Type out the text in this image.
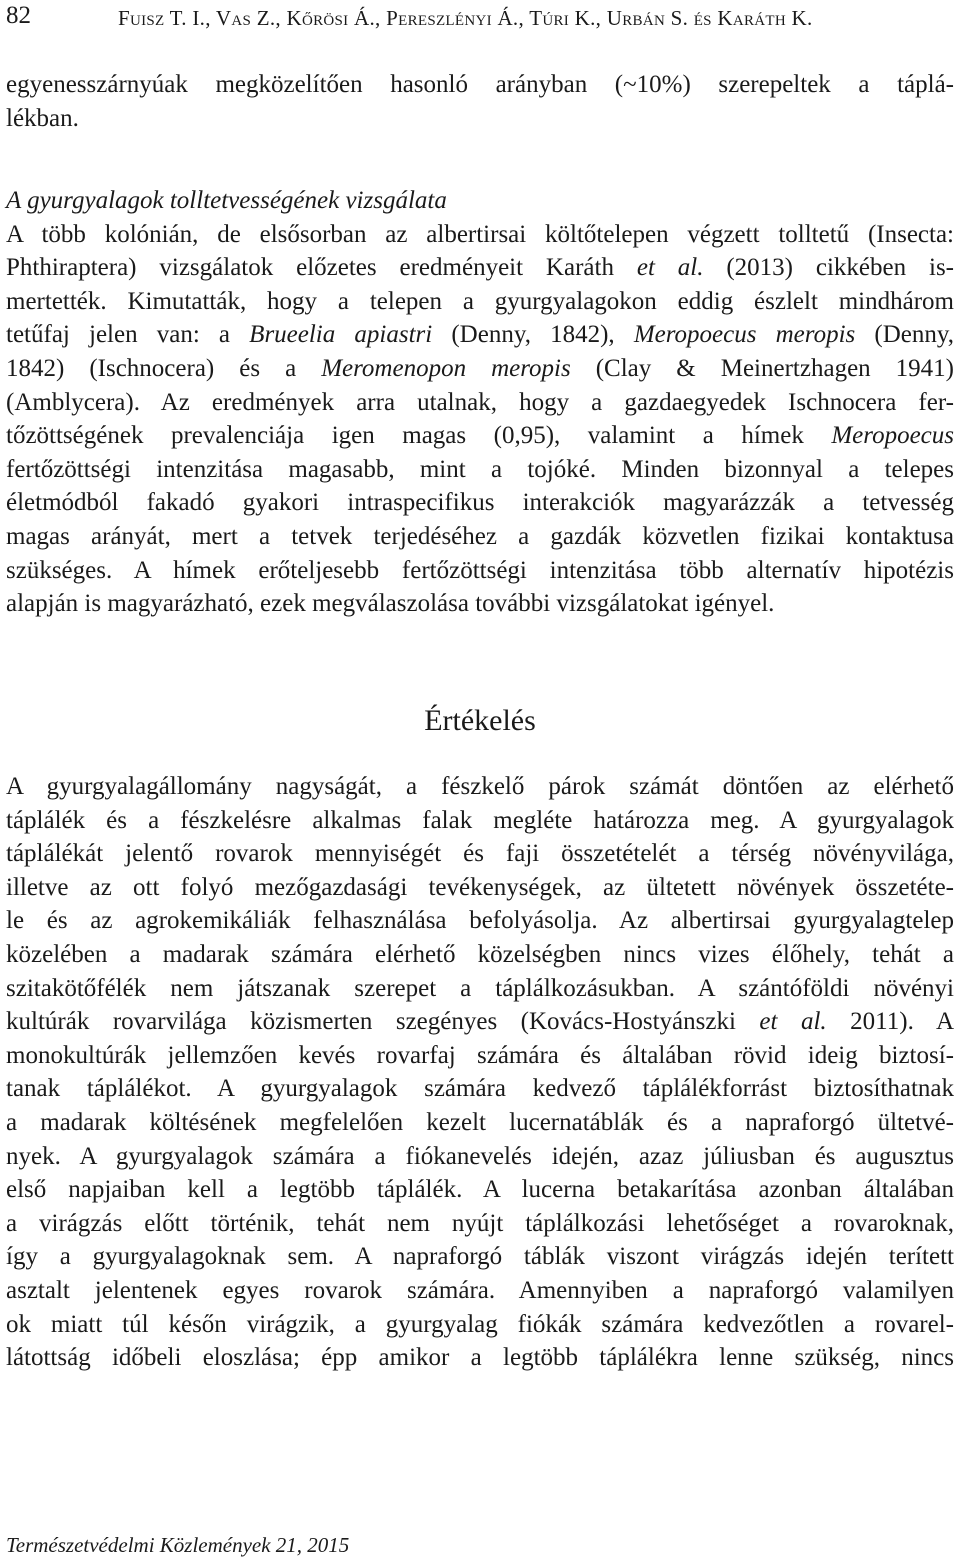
82	Fuisz T. I., Vas Z., Kőrösi Á., Pereszlényi Á., Túri K., Urbán S. és Karáth K.

egyenesszárnyúak megközelítően hasonló arányban (~10%) szerepeltek a táplá-
lékban.

A gyurgyalagok tolltetvességének vizsgálata

A több kolónián, de elsősorban az albertirsai költőtelepen végzett tolltetű (Insecta:
Phthiraptera) vizsgálatok előzetes eredményeit Karáth et al. (2013) cikkében is-
mertették. Kimutatták, hogy a telepen a gyurgyalagokon eddig észlelt mindhárom
tetűfaj jelen van: a Brueelia apiastri (Denny, 1842), Meropoecus meropis (Denny,
1842) (Ischnocera) és a Meromenopon meropis (Clay & Meinertzhagen 1941)
(Amblycera). Az eredmények arra utalnak, hogy a gazdaegyedek Ischnocera fer-
tőzöttségének prevalenciája igen magas (0,95), valamint a hímek Meropoecus
fertőzöttségi intenzitása magasabb, mint a tojóké. Minden bizonnyal a telepes
életmódból fakadó gyakori intraspecifikus interakciók magyarázzák a tetvesség
magas arányát, mert a tetvek terjedéséhez a gazdák közvetlen fizikai kontaktusa
szükséges. A hímek erőteljesebb fertőzöttségi intenzitása több alternatív hipotézis
alapján is magyarázható, ezek megválaszolása további vizsgálatokat igényel.

Értékelés

A gyurgyalagállomány nagyságát, a fészkelő párok számát döntően az elérhető
táplálék és a fészkelésre alkalmas falak megléte határozza meg. A gyurgyalagok
táplálékát jelentő rovarok mennyiségét és faji összetételét a térség növényvilága,
illetve az ott folyó mezőgazdasági tevékenységek, az ültetett növények összetéte-
le és az agrokemikáliák felhasználása befolyásolja. Az albertirsai gyurgyalagtelep
közelében a madarak számára elérhető közelségben nincs vizes élőhely, tehát a
szitakötőfélék nem játszanak szerepet a táplálkozásukban. A szántóföldi növényi
kultúrák rovarvilága közismerten szegényes (Kovács-Hostyánszki et al. 2011). A
monokultúrák jellemzően kevés rovarfaj számára és általában rövid ideig biztosí-
tanak táplálékot. A gyurgyalagok számára kedvező táplálékforrást biztosíthatnak
a madarak költésének megfelelően kezelt lucernatáblák és a napraforgó ültetvé-
nyek. A gyurgyalagok számára a fiókanevelés idején, azaz júliusban és augusztus
első napjaiban kell a legtöbb táplálék. A lucerna betakarítása azonban általában
a virágzás előtt történik, tehát nem nyújt táplálkozási lehetőséget a rovaroknak,
így a gyurgyalagoknak sem. A napraforgó táblák viszont virágzás idején terített
asztalt jelentenek egyes rovarok számára. Amennyiben a napraforgó valamilyen
ok miatt túl későn virágzik, a gyurgyalag fiókák számára kedvezőtlen a rovarel-
látottság időbeli eloszlása; épp amikor a legtöbb táplálékra lenne szükség, nincs

Természetvédelmi Közlemények 21, 2015
